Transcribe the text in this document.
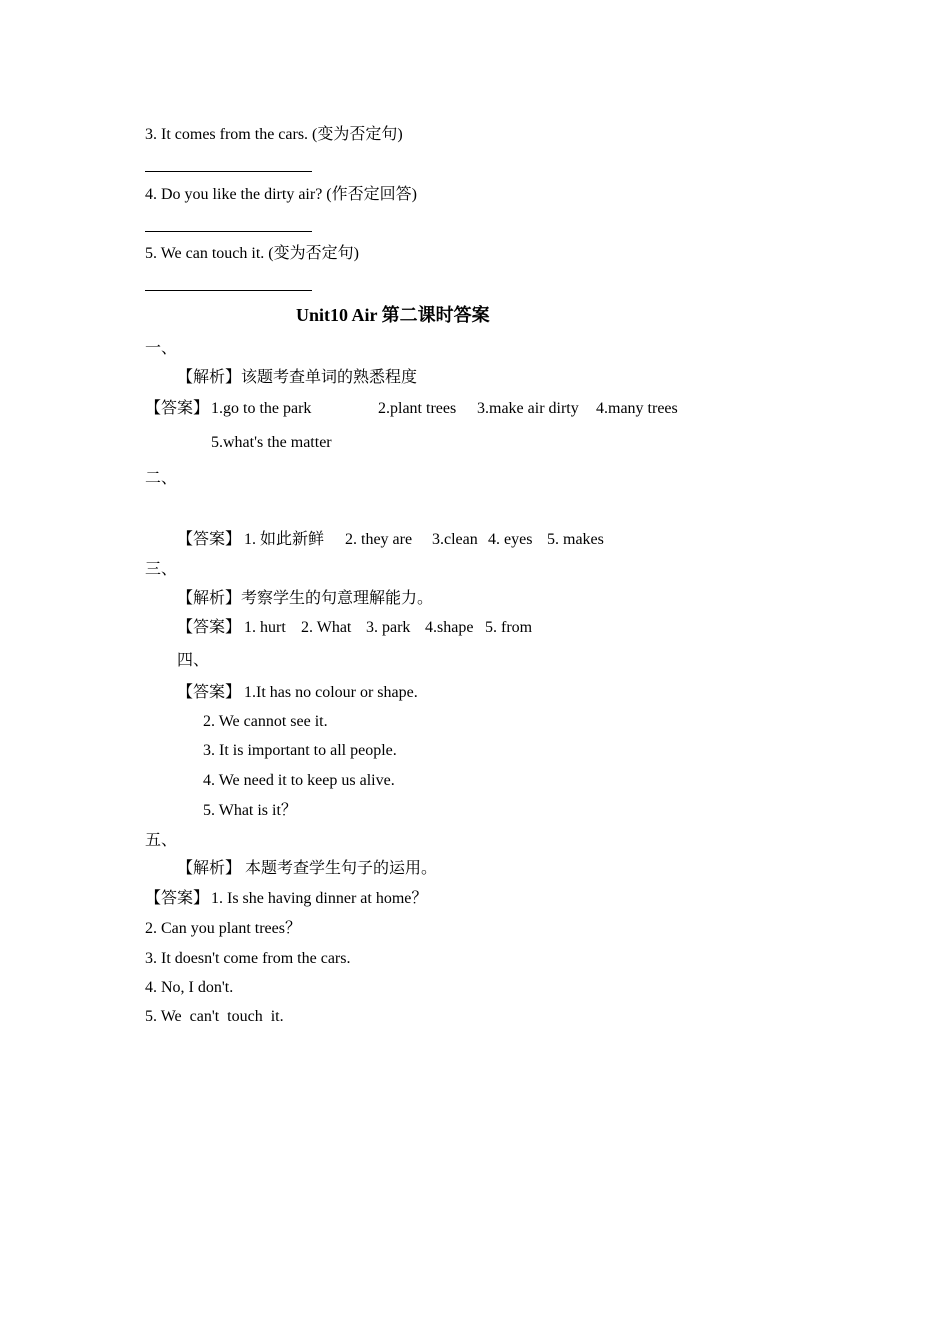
3. It comes from the cars. (变为否定句)
4. Do you like the dirty air? (作否定回答)
5. We can touch it. (变为否定句)
Unit10 Air 第二课时答案
一、
【解析】该题考查单词的熟悉程度
【答案】 1.go to the park	2.plant trees 3.make air dirty 4.many trees
5.what's the matter
二、
【答案】 1. 如此新鲜 2. they are 3.clean 4. eyes 5. makes
三、
【解析】考察学生的句意理解能力。
【答案】 1. hurt 2. What 3. park 4.shape 5. from
四、
【答案】 1.It has no colour or shape.
2. We cannot see it.
3. It is important to all people.
4. We need it to keep us alive.
5. What is it？
五、
【解析】 本题考查学生句子的运用。
【答案】 1. Is she having dinner at home？
2. Can you plant trees？
3. It doesn't come from the cars.
4. No, I don't.
5. We  can't  touch  it.
